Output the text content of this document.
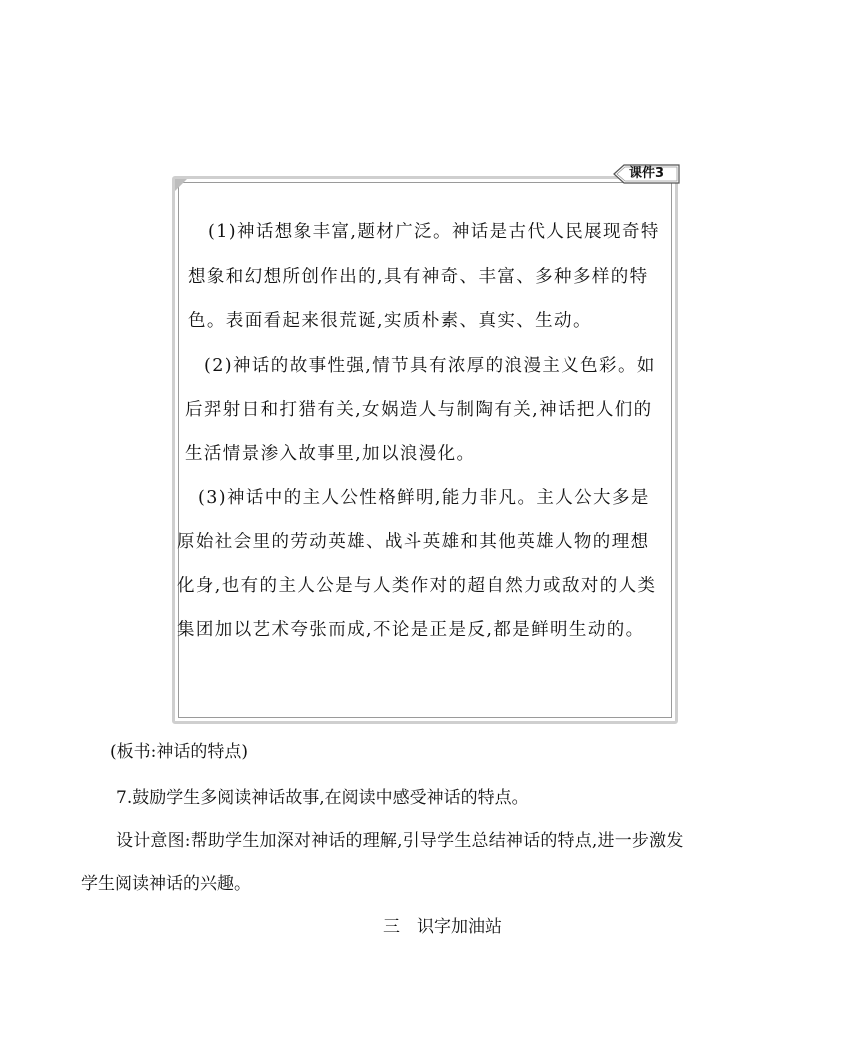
课件3
(1)神话想象丰富,题材广泛。神话是古代人民展现奇特
想象和幻想所创作出的,具有神奇、丰富、多种多样的特
色。表面看起来很荒诞,实质朴素、真实、生动。
(2)神话的故事性强,情节具有浓厚的浪漫主义色彩。如
后羿射日和打猎有关,女娲造人与制陶有关,神话把人们的
生活情景渗入故事里,加以浪漫化。
(3)神话中的主人公性格鲜明,能力非凡。主人公大多是
原始社会里的劳动英雄、战斗英雄和其他英雄人物的理想
化身,也有的主人公是与人类作对的超自然力或敌对的人类
集团加以艺术夸张而成,不论是正是反,都是鲜明生动的。
(板书:神话的特点)
7.鼓励学生多阅读神话故事,在阅读中感受神话的特点。
设计意图:帮助学生加深对神话的理解,引导学生总结神话的特点,进一步激发
学生阅读神话的兴趣。
三　识字加油站
